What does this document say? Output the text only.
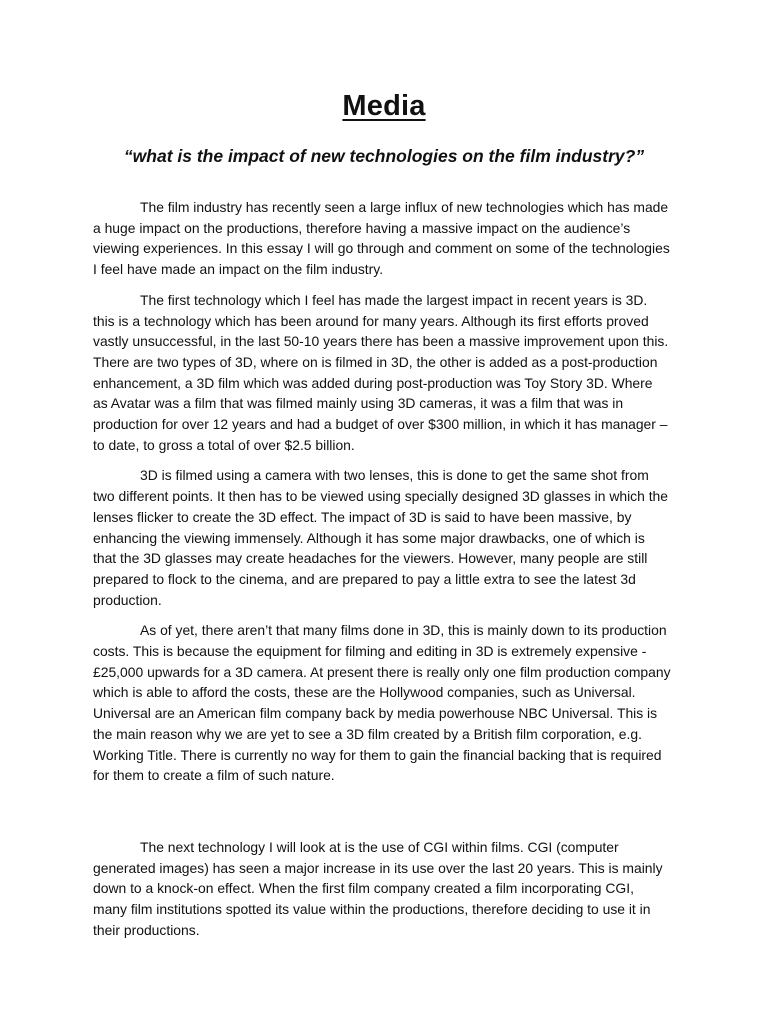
Media
“what is the impact of new technologies on the film industry?”

The film industry has recently seen a large influx of new technologies which has made a huge impact on the productions, therefore having a massive impact on the audience’s viewing experiences. In this essay I will go through and comment on some of the technologies I feel have made an impact on the film industry.

The first technology which I feel has made the largest impact in recent years is 3D. this is a technology which has been around for many years. Although its first efforts proved vastly unsuccessful, in the last 50-10 years there has been a massive improvement upon this. There are two types of 3D, where on is filmed in 3D, the other is added as a post-production enhancement, a 3D film which was added during post-production was Toy Story 3D. Where as Avatar was a film that was filmed mainly using 3D cameras, it was a film that was in production for over 12 years and had a budget of over $300 million, in which it has manager – to date, to gross a total of over $2.5 billion.

3D is filmed using a camera with two lenses, this is done to get the same shot from two different points. It then has to be viewed using specially designed 3D glasses in which the lenses flicker to create the 3D effect. The impact of 3D is said to have been massive, by enhancing the viewing immensely. Although it has some major drawbacks, one of which is that the 3D glasses may create headaches for the viewers. However, many people are still prepared to flock to the cinema, and are prepared to pay a little extra to see the latest 3d production.

As of yet, there aren’t that many films done in 3D, this is mainly down to its production costs. This is because the equipment for filming and editing in 3D is extremely expensive - £25,000 upwards for a 3D camera. At present there is really only one film production company which is able to afford the costs, these are the Hollywood companies, such as Universal. Universal are an American film company back by media powerhouse NBC Universal. This is the main reason why we are yet to see a 3D film created by a British film corporation, e.g. Working Title. There is currently no way for them to gain the financial backing that is required for them to create a film of such nature.

The next technology I will look at is the use of CGI within films. CGI (computer generated images) has seen a major increase in its use over the last 20 years. This is mainly down to a knock-on effect. When the first film company created a film incorporating CGI, many film institutions spotted its value within the productions, therefore deciding to use it in their productions.
